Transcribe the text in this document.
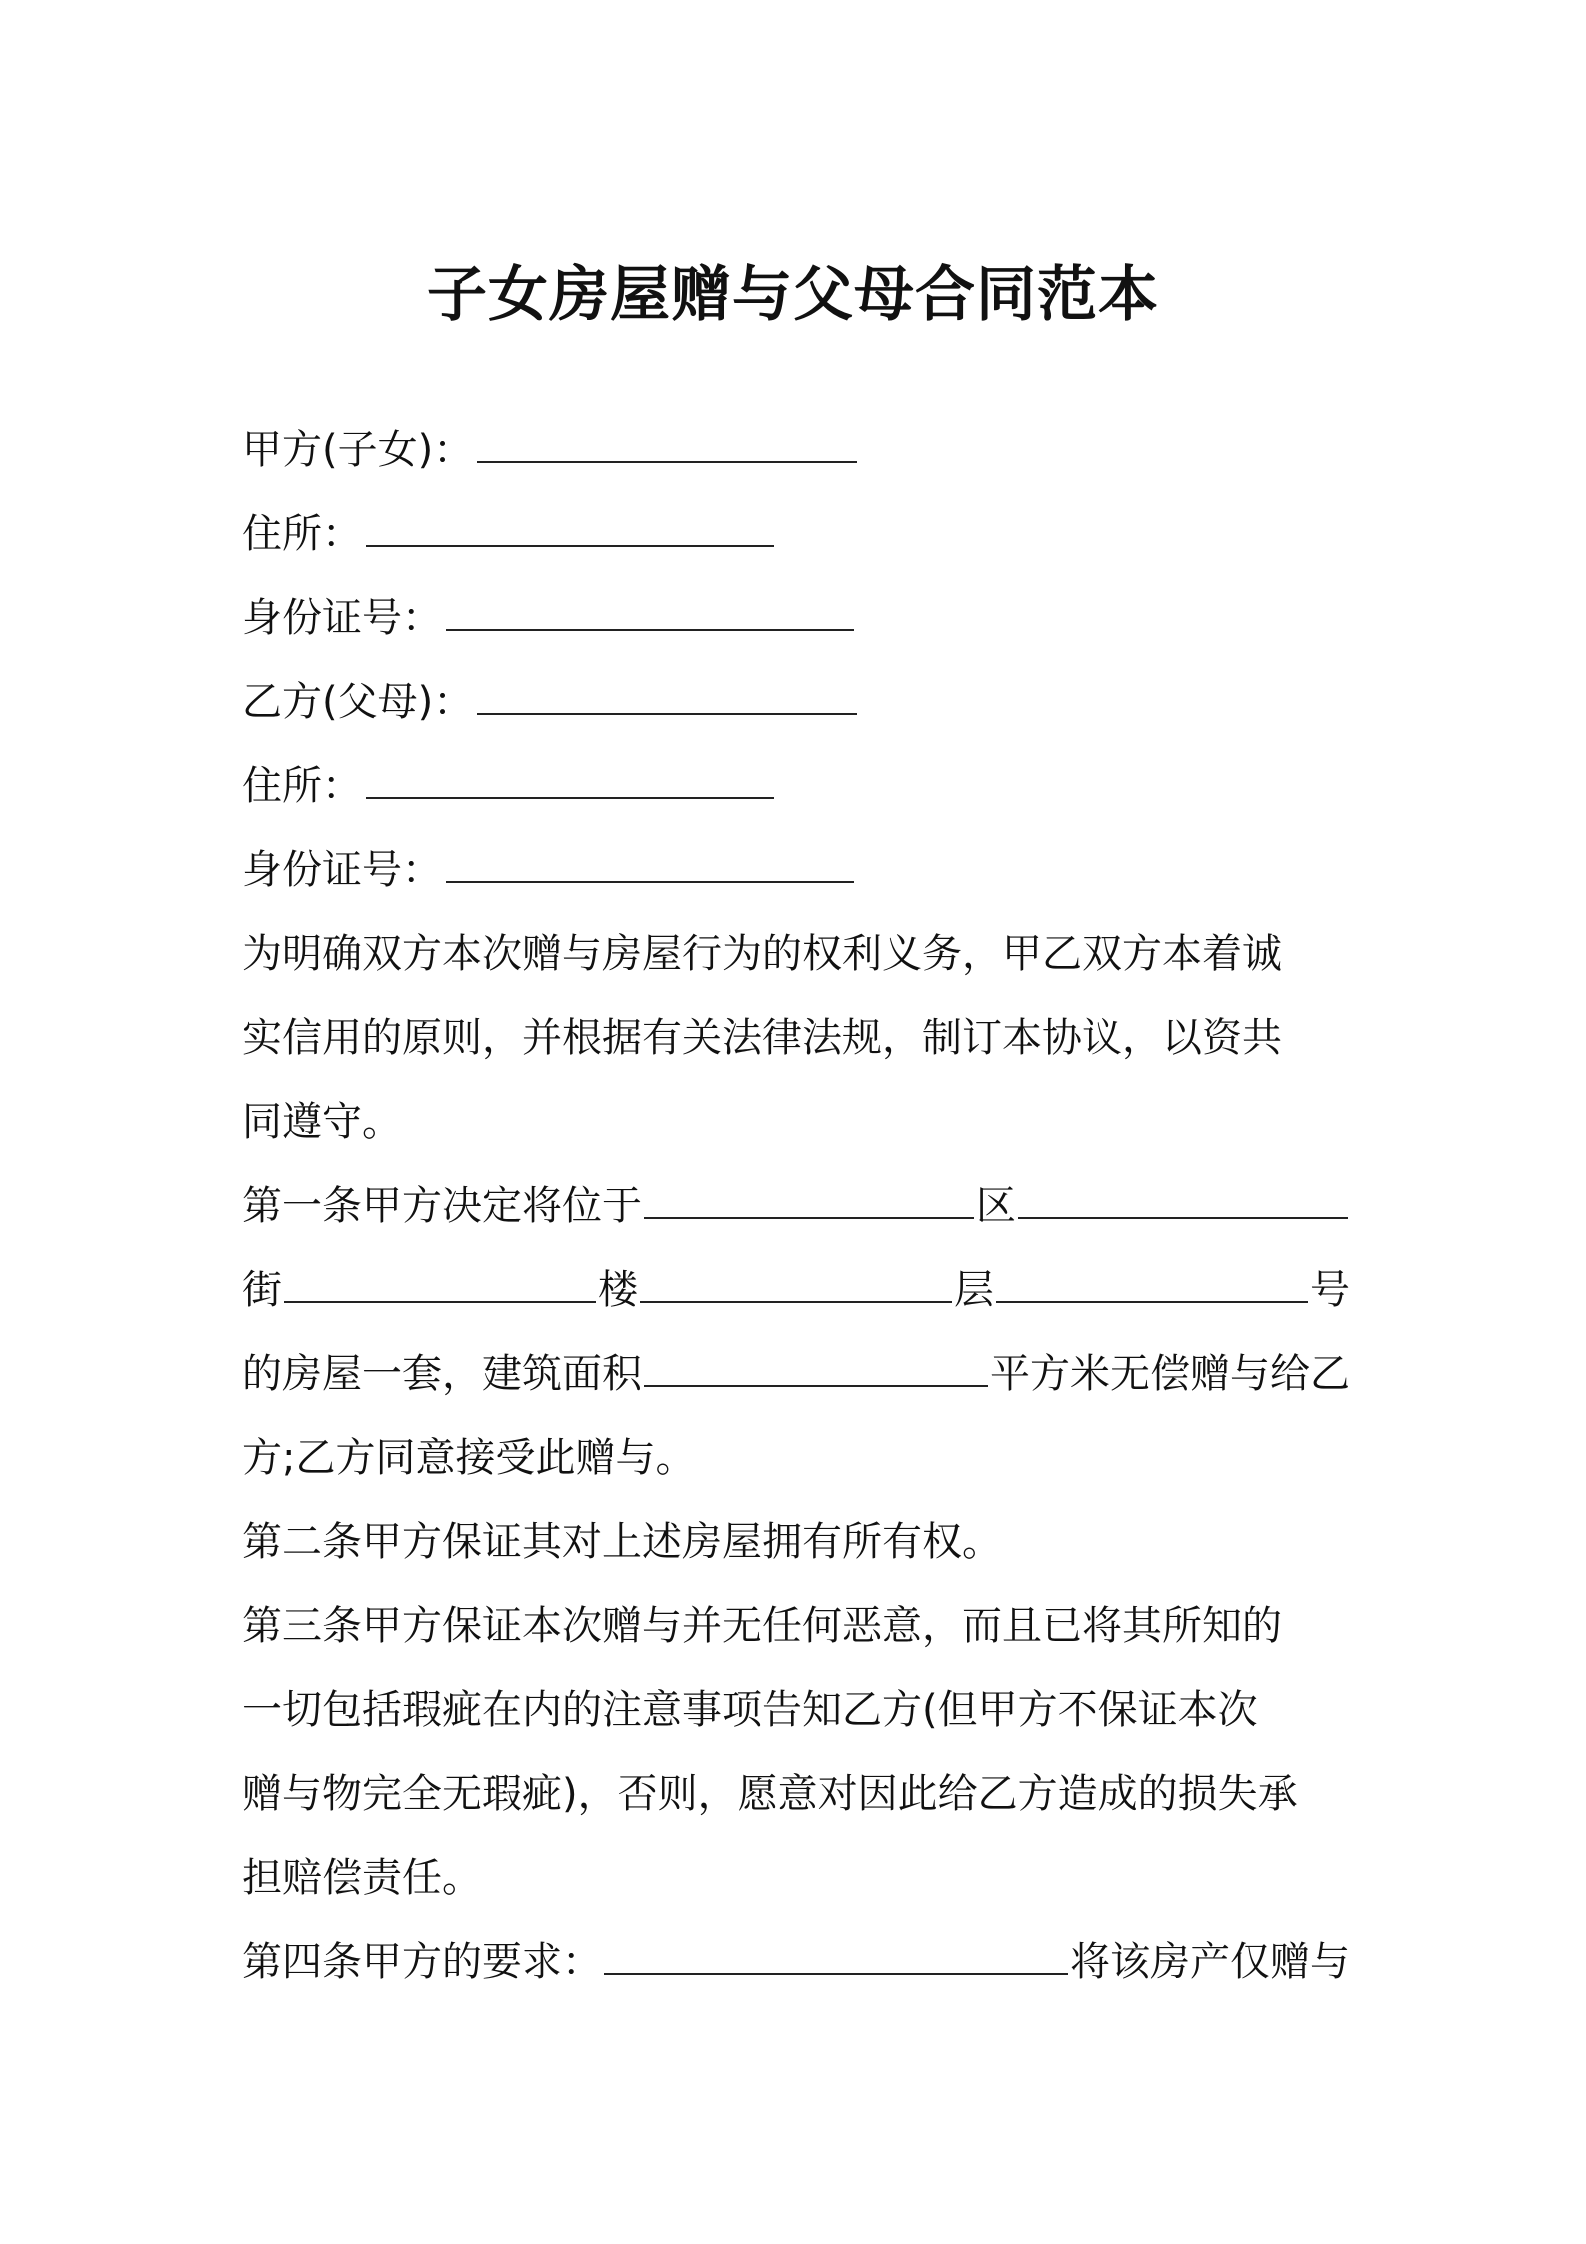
子女房屋赠与父母合同范本
甲方(子女)：
住所：
身份证号：
乙方(父母)：
住所：
身份证号：
为明确双方本次赠与房屋行为的权利义务，甲乙双方本着诚
实信用的原则，并根据有关法律法规，制订本协议，以资共
同遵守。
第一条甲方决定将位于	区
街	楼	层	号
的房屋一套，建筑面积	平方米无偿赠与给乙
方;乙方同意接受此赠与。
第二条甲方保证其对上述房屋拥有所有权。
第三条甲方保证本次赠与并无任何恶意，而且已将其所知的
一切包括瑕疵在内的注意事项告知乙方(但甲方不保证本次
赠与物完全无瑕疵)，否则，愿意对因此给乙方造成的损失承
担赔偿责任。
第四条甲方的要求：	将该房产仅赠与
